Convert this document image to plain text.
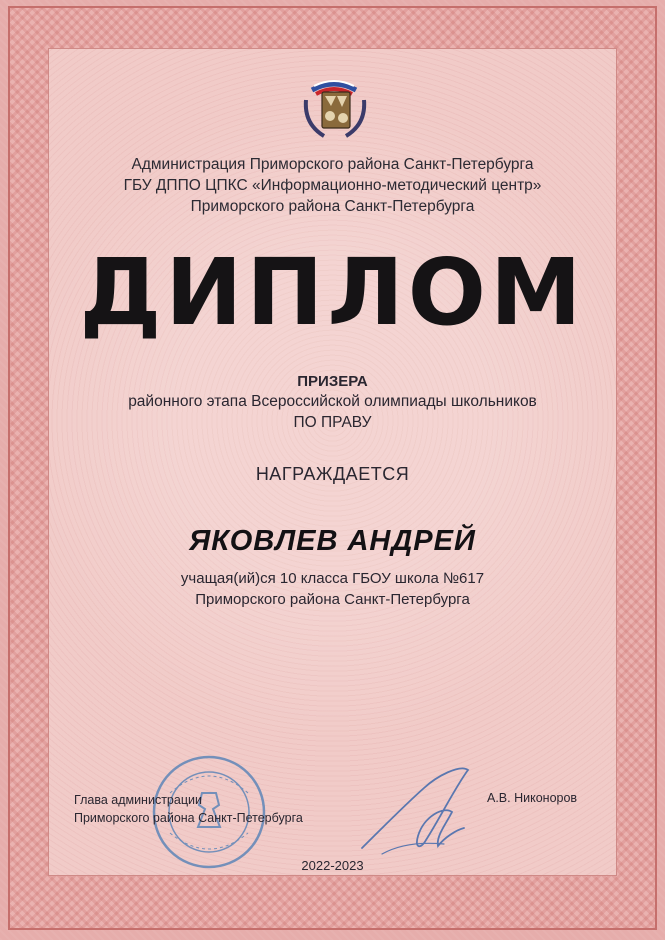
Администрация Приморского района Санкт-Петербурга
ГБУ ДППО ЦПКС «Информационно-методический центр»
Приморского района Санкт-Петербурга
ДИПЛОМ
ПРИЗЕРА
районного этапа Всероссийской олимпиады школьников
ПО ПРАВУ
НАГРАЖДАЕТСЯ
ЯКОВЛЕВ АНДРЕЙ
учащая(ий)ся 10 класса ГБОУ школа №617
Приморского района Санкт-Петербурга
Глава администрации
Приморского района Санкт-Петербурга
А.В. Никоноров
2022-2023
